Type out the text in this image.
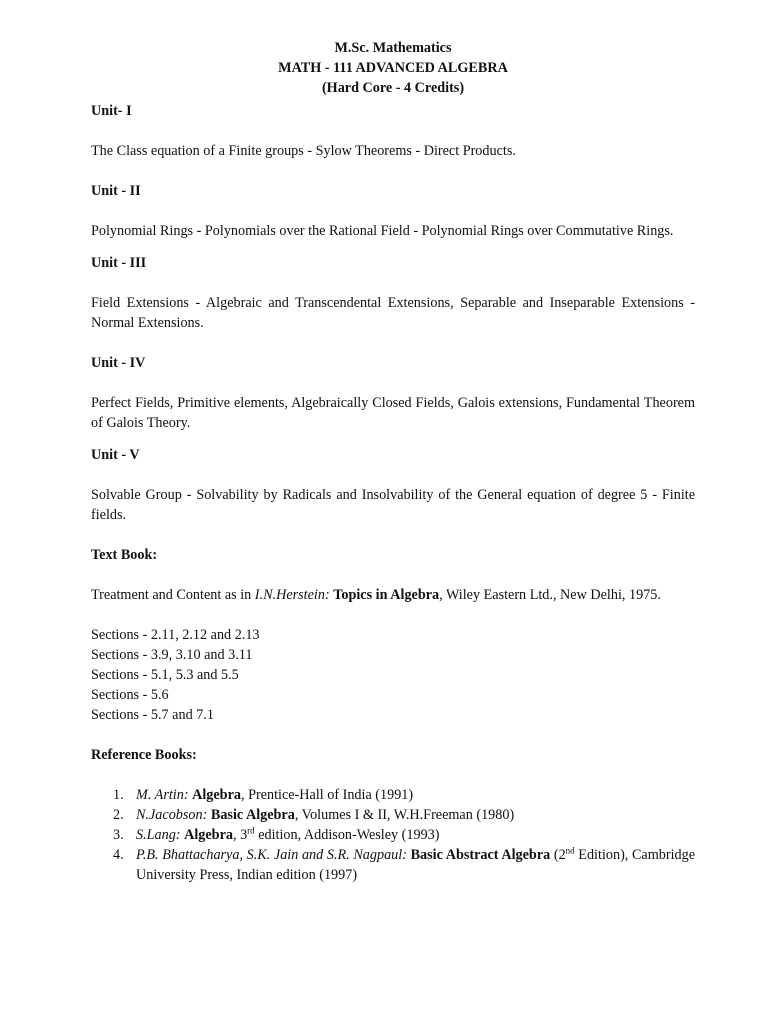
M.Sc. Mathematics
MATH - 111 ADVANCED ALGEBRA
(Hard Core - 4 Credits)
Unit- I
The Class equation of a Finite groups - Sylow Theorems - Direct Products.
Unit - II
Polynomial Rings - Polynomials over the Rational Field - Polynomial Rings over Commutative Rings.
Unit - III
Field Extensions - Algebraic and Transcendental Extensions, Separable and Inseparable Extensions - Normal Extensions.
Unit - IV
Perfect Fields, Primitive elements, Algebraically Closed Fields, Galois extensions, Fundamental Theorem of Galois Theory.
Unit - V
Solvable Group - Solvability by Radicals and Insolvability of the General equation of degree 5 - Finite fields.
Text Book:
Treatment and Content as in I.N.Herstein: Topics in Algebra, Wiley Eastern Ltd., New Delhi, 1975.

Sections - 2.11, 2.12 and 2.13

Sections - 3.9, 3.10 and 3.11

Sections - 5.1, 5.3 and 5.5

Sections - 5.6

Sections - 5.7 and 7.1

Reference Books:
1. M. Artin: Algebra, Prentice-Hall of India (1991)
2. N.Jacobson: Basic Algebra, Volumes I & II, W.H.Freeman (1980)
3. S.Lang: Algebra, 3rd edition, Addison-Wesley (1993)
4. P.B. Bhattacharya, S.K. Jain and S.R. Nagpaul: Basic Abstract Algebra (2nd Edition), Cambridge University Press, Indian edition (1997)
